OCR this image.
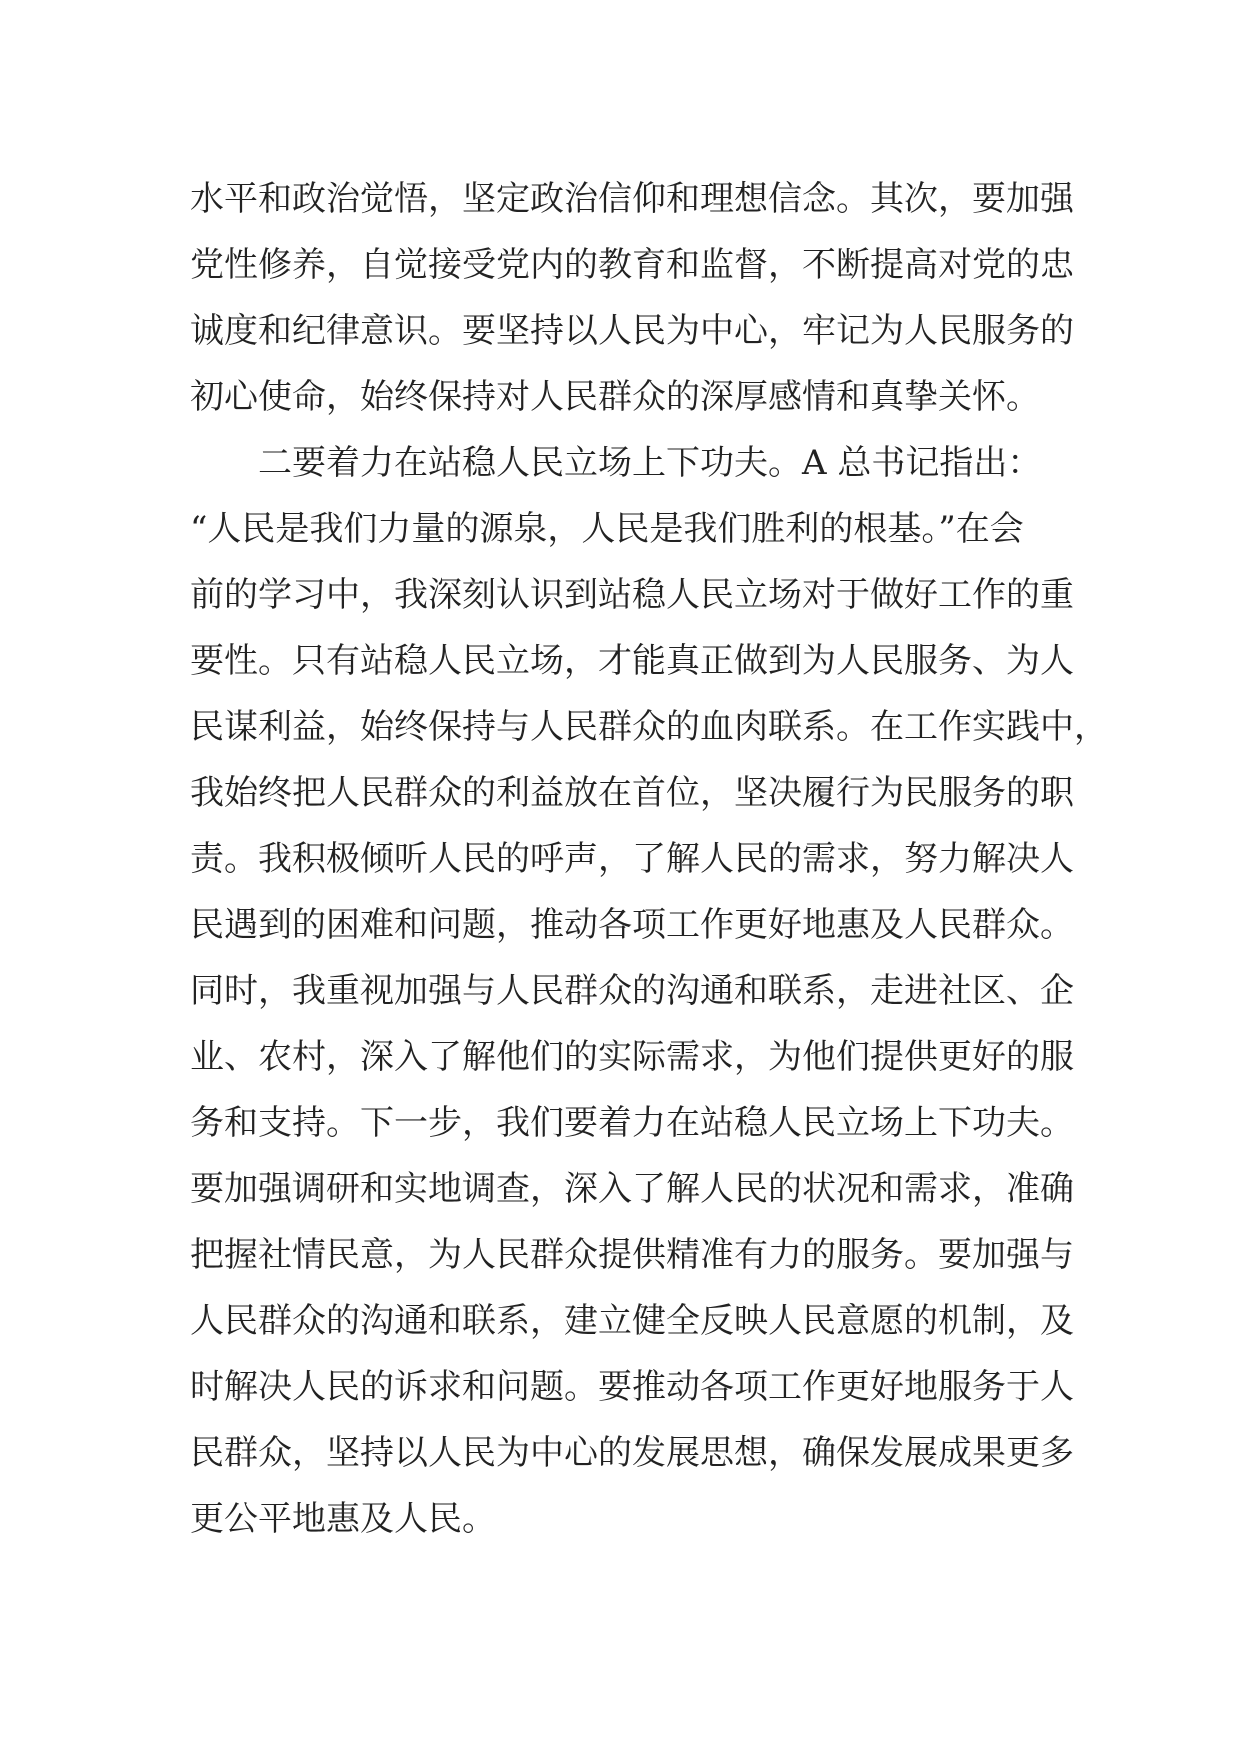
水平和政治觉悟，坚定政治信仰和理想信念。其次，要加强
党性修养，自觉接受党内的教育和监督，不断提高对党的忠
诚度和纪律意识。要坚持以人民为中心，牢记为人民服务的
初心使命，始终保持对人民群众的深厚感情和真挚关怀。
二要着力在站稳人民立场上下功夫。A 总书记指出：
“人民是我们力量的源泉，人民是我们胜利的根基。”在会
前的学习中，我深刻认识到站稳人民立场对于做好工作的重
要性。只有站稳人民立场，才能真正做到为人民服务、为人
民谋利益，始终保持与人民群众的血肉联系。在工作实践中，
我始终把人民群众的利益放在首位，坚决履行为民服务的职
责。我积极倾听人民的呼声，了解人民的需求，努力解决人
民遇到的困难和问题，推动各项工作更好地惠及人民群众。
同时，我重视加强与人民群众的沟通和联系，走进社区、企
业、农村，深入了解他们的实际需求，为他们提供更好的服
务和支持。下一步，我们要着力在站稳人民立场上下功夫。
要加强调研和实地调查，深入了解人民的状况和需求，准确
把握社情民意，为人民群众提供精准有力的服务。要加强与
人民群众的沟通和联系，建立健全反映人民意愿的机制，及
时解决人民的诉求和问题。要推动各项工作更好地服务于人
民群众，坚持以人民为中心的发展思想，确保发展成果更多
更公平地惠及人民。
